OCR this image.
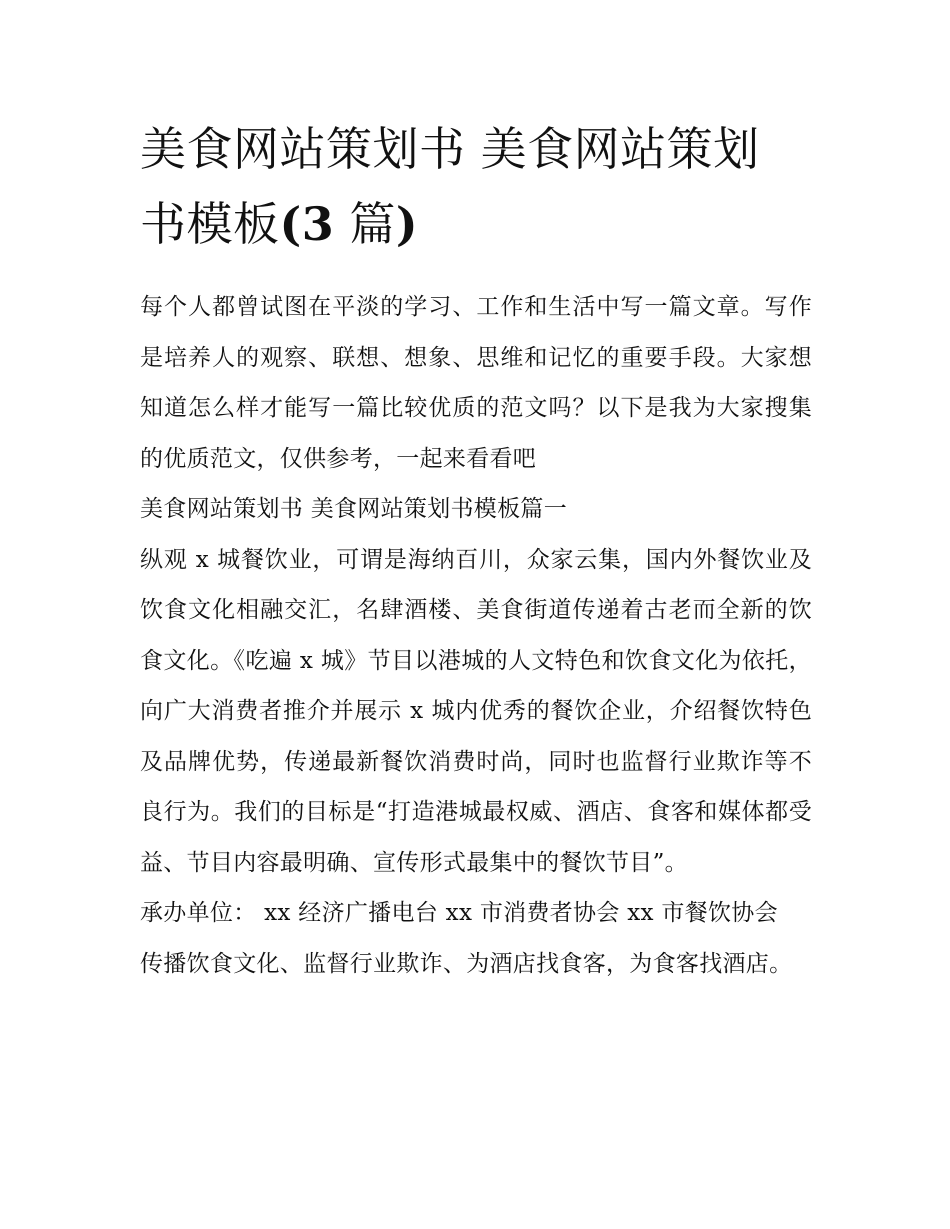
美食网站策划书 美食网站策划
书模板(3 篇)

每个人都曾试图在平淡的学习、工作和生活中写一篇文章。写作是培养人的观察、联想、想象、思维和记忆的重要手段。大家想知道怎么样才能写一篇比较优质的范文吗？以下是我为大家搜集的优质范文，仅供参考，一起来看看吧

美食网站策划书 美食网站策划书模板篇一

纵观 x 城餐饮业，可谓是海纳百川，众家云集，国内外餐饮业及饮食文化相融交汇，名肆酒楼、美食街道传递着古老而全新的饮食文化。《吃遍 x 城》节目以港城的人文特色和饮食文化为依托，向广大消费者推介并展示 x 城内优秀的餐饮企业，介绍餐饮特色及品牌优势，传递最新餐饮消费时尚，同时也监督行业欺诈等不良行为。我们的目标是“打造港城最权威、酒店、食客和媒体都受益、节目内容最明确、宣传形式最集中的餐饮节目”。

承办单位： xx 经济广播电台 xx 市消费者协会 xx 市餐饮协会

传播饮食文化、监督行业欺诈、为酒店找食客，为食客找酒店。
